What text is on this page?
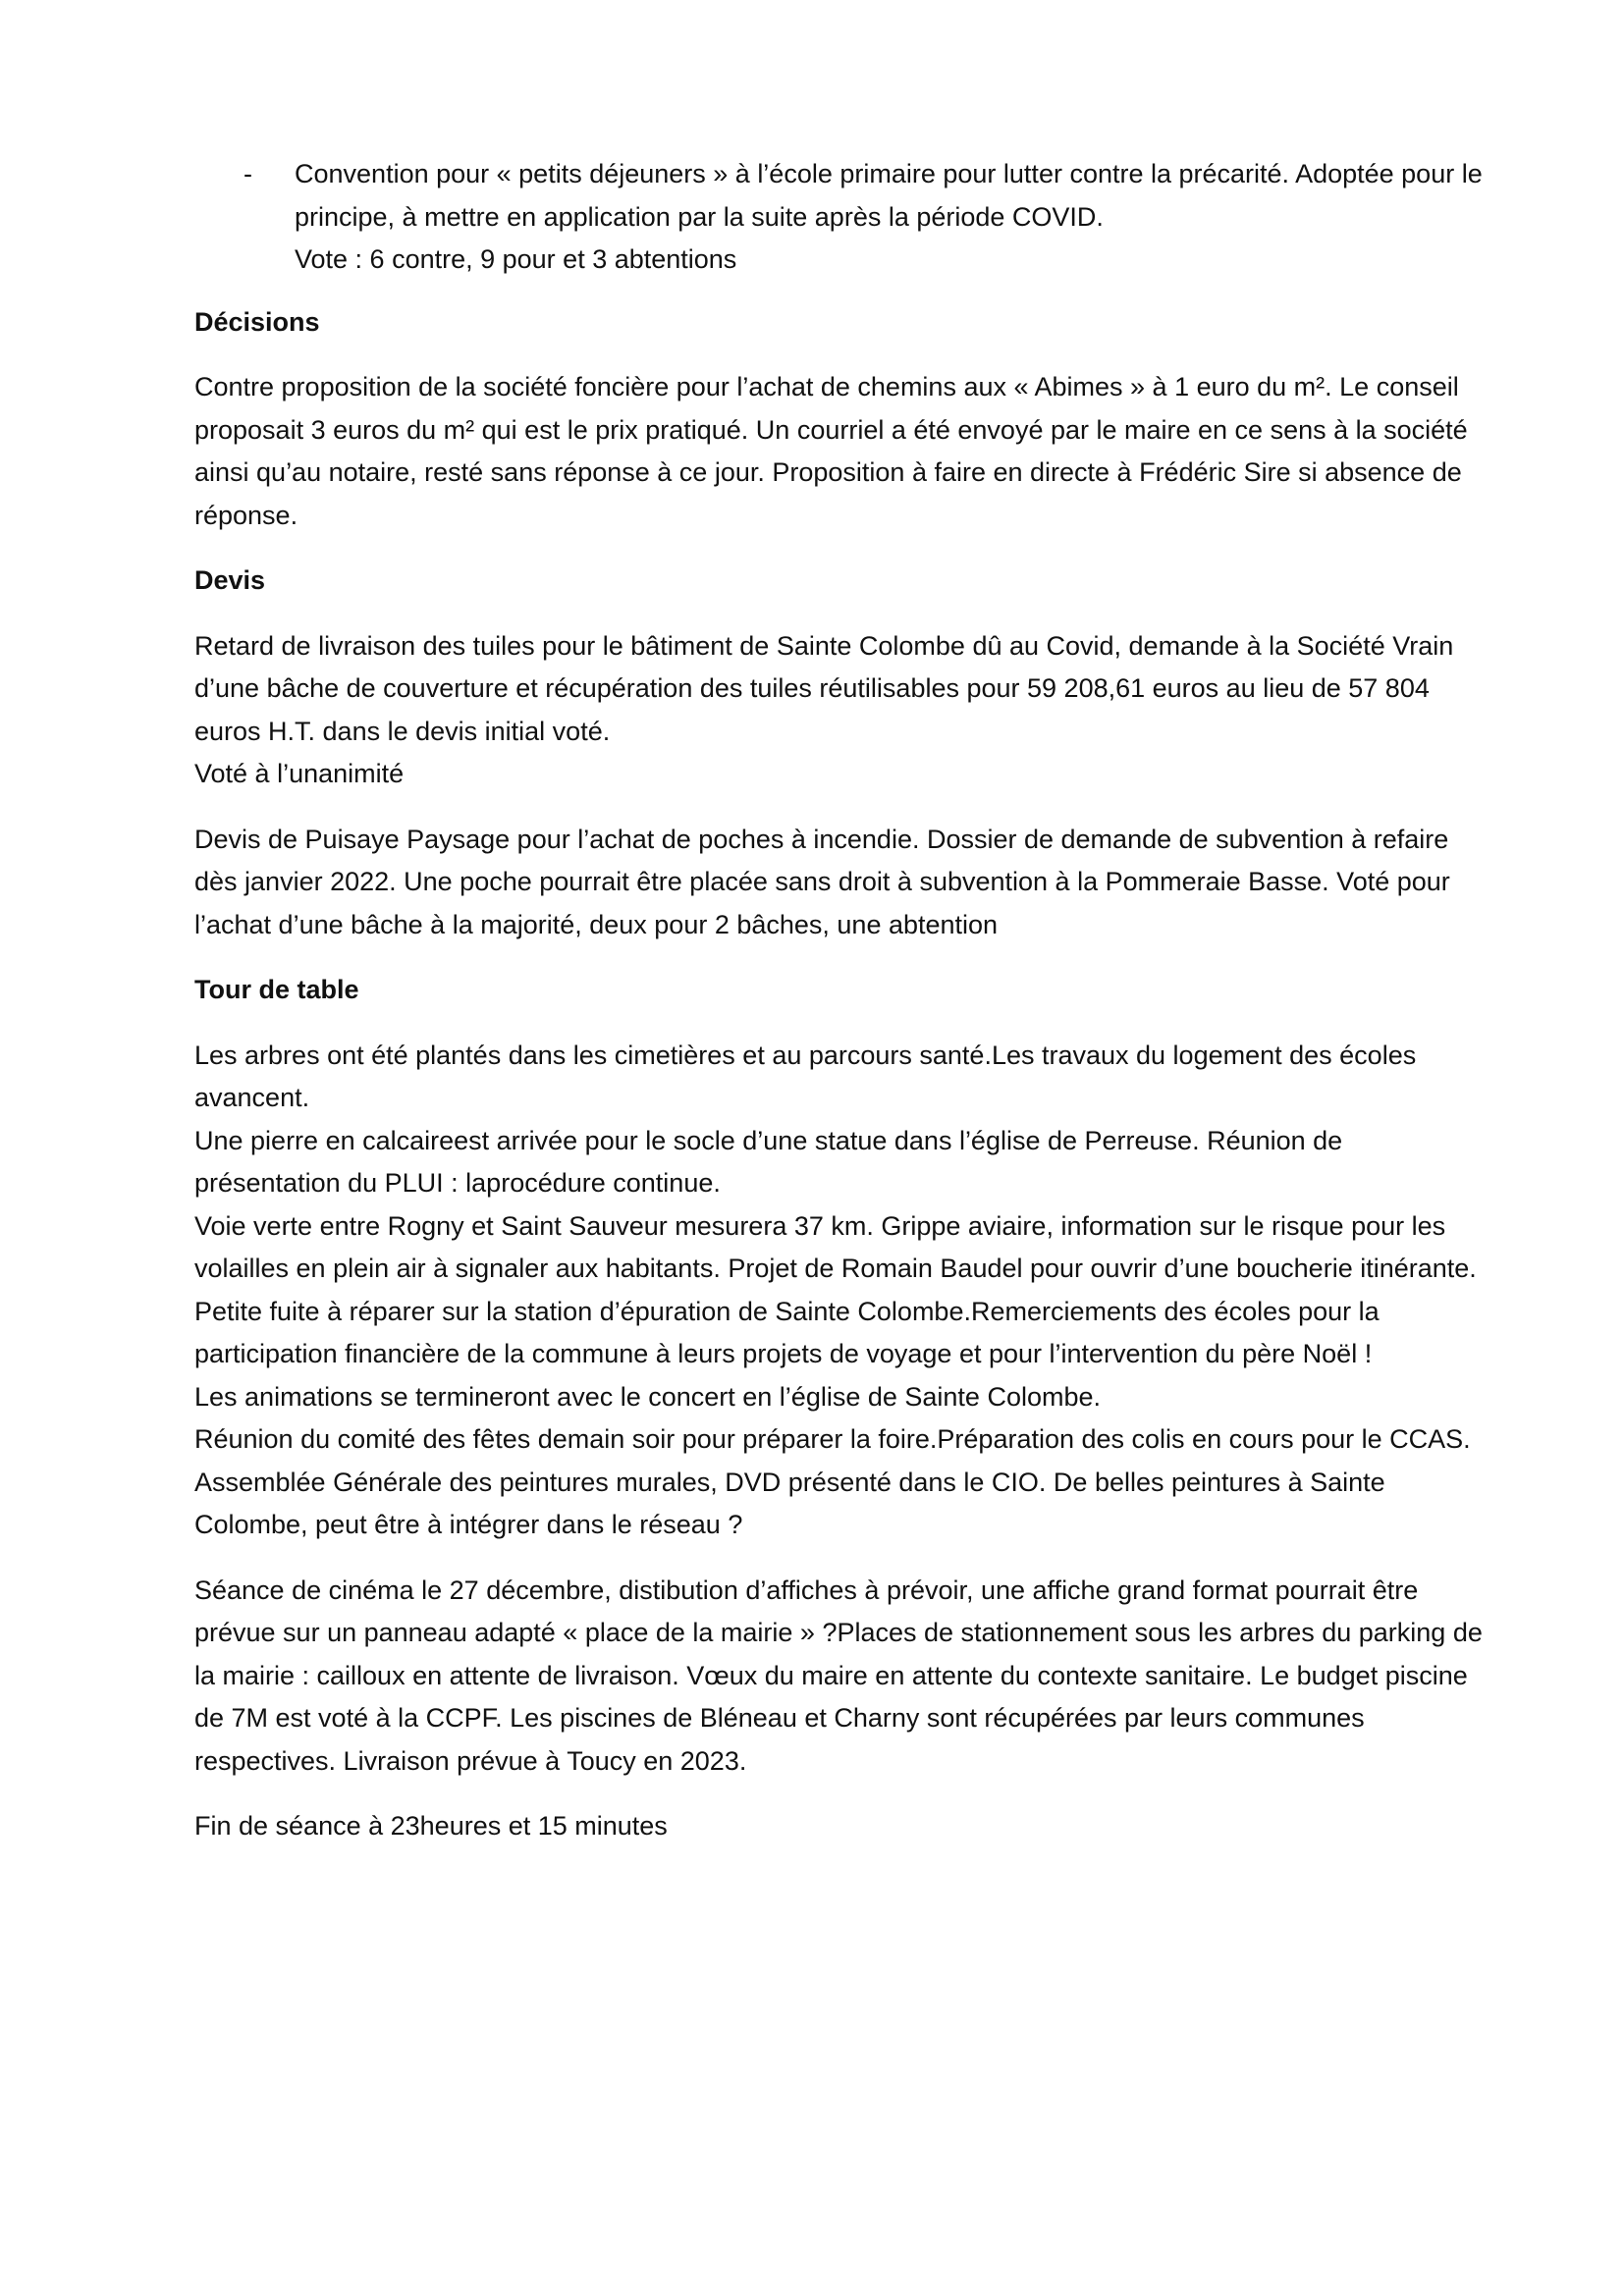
- Convention pour « petits déjeuners » à l’école primaire pour lutter contre la précarité. Adoptée pour le principe, à mettre en application par la suite après la période COVID.

Vote : 6 contre, 9 pour et 3 abtentions

Décisions

Contre proposition de la société foncière pour l’achat de chemins aux « Abimes » à 1 euro du m². Le conseil proposait 3 euros du m² qui est le prix pratiqué. Un courriel a été envoyé par le maire en ce sens à la société ainsi qu’au notaire, resté sans réponse à ce jour. Proposition à faire en directe à Frédéric Sire si absence de réponse.

Devis

Retard de livraison des tuiles pour le bâtiment de Sainte Colombe dû au Covid, demande à la Société Vrain d’une bâche de couverture et récupération des tuiles réutilisables pour 59 208,61 euros au lieu de 57 804 euros H.T. dans le devis initial voté.

Voté à l’unanimité

Devis de Puisaye Paysage pour l’achat de poches à incendie. Dossier de demande de subvention à refaire dès janvier 2022. Une poche pourrait être placée sans droit à subvention à la Pommeraie Basse. Voté pour l’achat d’une bâche à la majorité, deux pour 2 bâches, une abtention

Tour de table

Les arbres ont été plantés dans les cimetières et au parcours santé.Les travaux du logement des écoles avancent.

Une pierre en calcaireest arrivée pour le socle d’une statue dans l’église de Perreuse. Réunion de présentation du PLUI : laprocédure continue.

Voie verte entre Rogny et Saint Sauveur mesurera 37 km. Grippe aviaire, information sur le risque pour les volailles en plein air à signaler aux habitants. Projet de Romain Baudel pour ouvrir d’une boucherie itinérante. Petite fuite à réparer sur la station d’épuration de Sainte Colombe.Remerciements des écoles pour la participation financière de la commune à leurs projets de voyage et pour l’intervention du père Noël !

Les animations se termineront avec le concert en l’église de Sainte Colombe.

Réunion du comité des fêtes demain soir pour préparer la foire.Préparation des colis en cours pour le CCAS.

Assemblée Générale des peintures murales, DVD présenté dans le CIO. De belles peintures à Sainte Colombe, peut être à intégrer dans le réseau ?

Séance de cinéma le 27 décembre, distibution d’affiches à prévoir, une affiche grand format pourrait être prévue sur un panneau adapté « place de la mairie » ?Places de stationnement sous les arbres du parking de la mairie : cailloux en attente de livraison. Vœux du maire en attente du contexte sanitaire. Le budget piscine de 7M est voté à la CCPF. Les piscines de Bléneau et Charny sont récupérées par leurs communes respectives. Livraison prévue à Toucy en 2023.

Fin de séance à 23heures et 15 minutes
